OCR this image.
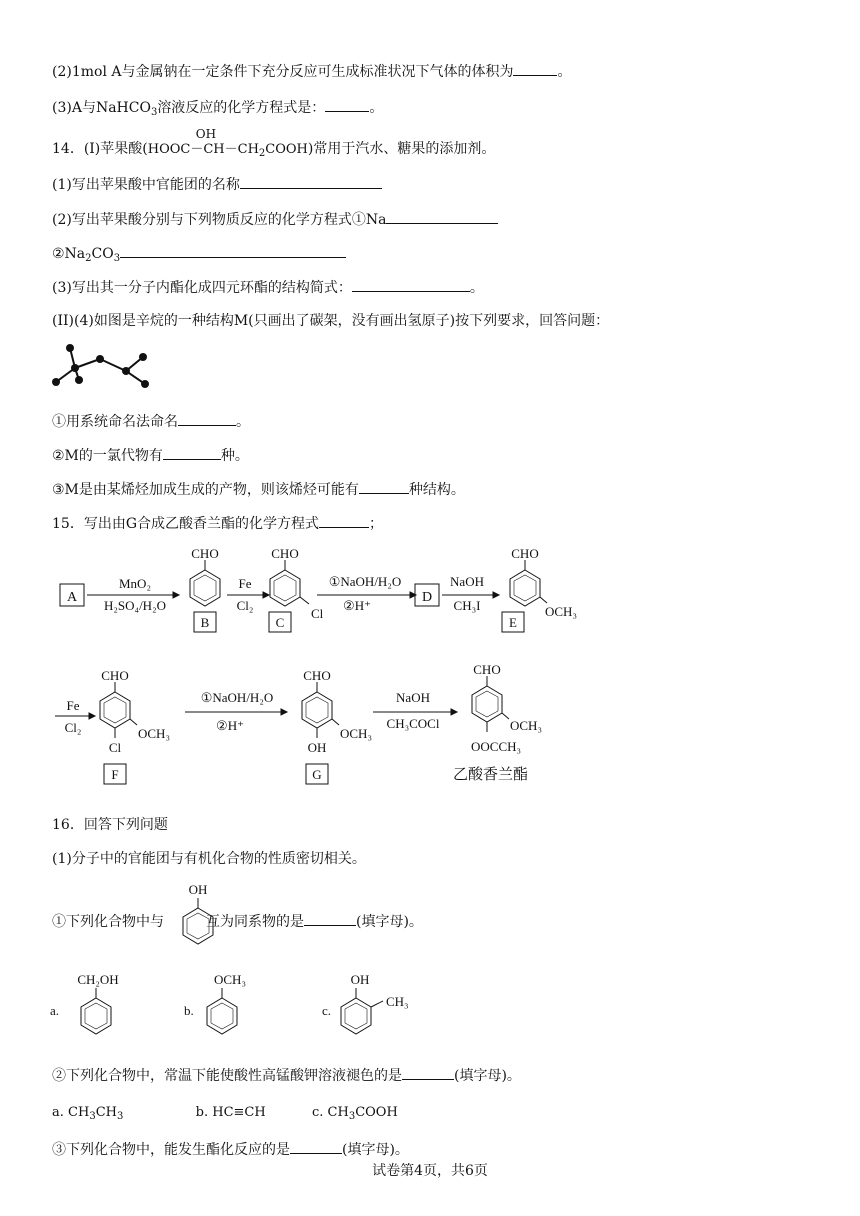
(2)1mol A与金属钠在一定条件下充分反应可生成标准状况下气体的体积为	。
(3)A与NaHCO$_3$溶液反应的化学方程式是：	。
14．(I)苹果酸(
OH
$HOOC-CH-CH_2COOH$)常用于汽水、糖果的添加剂。
(1)写出苹果酸中官能团的名称
(2)写出苹果酸分别与下列物质反应的化学方程式①Na
$②Na_2CO_3$
(3)写出其一分子内酯化成四元环酯的结构简式：	。
(II)(4)如图是辛烷的一种结构M(只画出了碳架，没有画出氢原子)按下列要求，回答问题：
①用系统命名法命名	。
②M的一氯代物有	种。
③M是由某烯烃加成生成的产物，则该烯烃可能有	种结构。
15．写出由G合成乙酸香兰酯的化学方程式	；
A
MnO₂
H₂SO₄/H₂O
CHO
B
Fe
Cl₂
CHO
Cl
C
①NaOH/H₂O
②H⁺
D
NaOH
CH₃I
CHO
OCH₃
E
Fe
Cl₂
CHO
OCH₃
Cl
F
①NaOH/H₂O
②H⁺
CHO
OCH₃
OH
G
NaOH
CH₃COCl
CHO
OCH₃
OOCCH₃
乙酸香兰酯
16．回答下列问题
(1)分子中的官能团与有机化合物的性质密切相关。
①下列化合物中与	互为同系物的是	(填字母)。
OH
a.
CH₂OH
b.
OCH₃
c.
OH
CH₃
②下列化合物中，常温下能使酸性高锰酸钾溶液褪色的是	(填字母)。
a. $CH_3CH_3$	b. HC≡CH	c. $CH_3COOH$
③下列化合物中，能发生酯化反应的是	(填字母)。
试卷第4页，共6页
